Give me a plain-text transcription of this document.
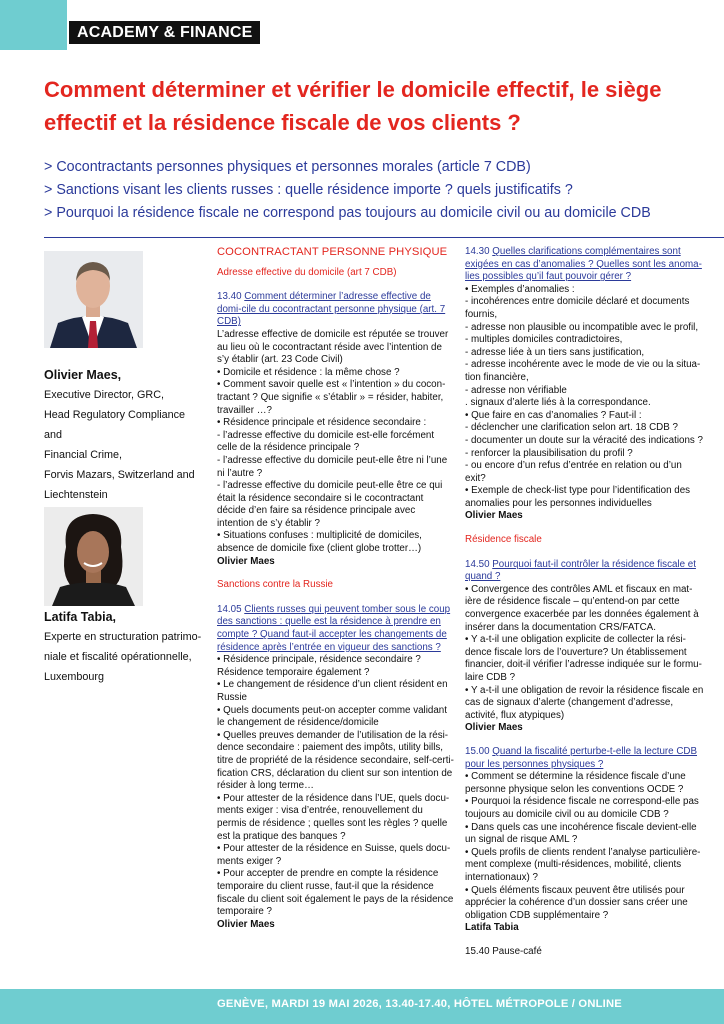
ACADEMY & FINANCE
Comment déterminer et vérifier le domicile effectif, le siège effectif et la résidence fiscale de vos clients ?
> Cocontractants personnes physiques et personnes morales (article 7 CDB)
> Sanctions visant les clients russes : quelle résidence importe ? quels justificatifs ?
> Pourquoi la résidence fiscale ne correspond pas toujours au domicile civil ou au domicile CDB
Olivier Maes,
Executive Director, GRC,
Head Regulatory Compliance and
Financial Crime,
Forvis Mazars, Switzerland and
Liechtenstein
Latifa Tabia,
Experte en structuration patrimo-
niale et fiscalité opérationnelle,
Luxembourg

COCONTRACTANT PERSONNE PHYSIQUE

Adresse effective du domicile (art 7 CDB)

13.40 Comment déterminer l’adresse effective de domi-cile du cocontractant personne physique (art. 7 CDB)

L’adresse effective de domicile est réputée se trouver au lieu où le cocontractant réside avec l’intention de s’y établir (art. 23 Code Civil)

• Domicile et résidence : la même chose ?

• Comment savoir quelle est « l’intention » du cocon-tractant ? Que signifie « s’établir » = résider, habiter, travailler …?

• Résidence principale et résidence secondaire :

- l’adresse effective du domicile est-elle forcément celle de la résidence principale ?

- l’adresse effective du domicile peut-elle être ni l’une ni l’autre ?

- l’adresse effective du domicile peut-elle être ce qui était la résidence secondaire si le cocontractant décide d’en faire sa résidence principale avec intention de s’y établir ?

• Situations confuses : multiplicité de domiciles, absence de domicile fixe (client globe trotter…)

Olivier Maes

Sanctions contre la Russie

14.05 Clients russes qui peuvent tomber sous le coup des sanctions : quelle est la résidence à prendre en compte ? Quand faut-il accepter les changements de résidence après l’entrée en vigueur des sanctions ?

• Résidence principale, résidence secondaire ? Résidence temporaire également ?

• Le changement de résidence d’un client résident en Russie

• Quels documents peut-on accepter comme validant le changement de résidence/domicile

• Quelles preuves demander de l’utilisation de la rési-dence secondaire : paiement des impôts, utility bills, titre de propriété de la résidence secondaire, self-certi-fication CRS, déclaration du client sur son intention de résider à long terme…

• Pour attester de la résidence dans l’UE, quels docu-ments exiger : visa d’entrée, renouvellement du permis de résidence ; quelles sont les règles ? quelle est la pratique des banques ?

• Pour attester de la résidence en Suisse, quels docu-ments exiger ?

• Pour accepter de prendre en compte la résidence temporaire du client russe, faut-il que la résidence fiscale du client soit également le pays de la résidence temporaire ?

Olivier Maes

14.30 Quelles clarifications complémentaires sont exigées en cas d’anomalies ? Quelles sont les anoma-lies possibles qu’il faut pouvoir gérer ?

• Exemples d’anomalies :

- incohérences entre domicile déclaré et documents fournis,

- adresse non plausible ou incompatible avec le profil,

- multiples domiciles contradictoires,

- adresse liée à un tiers sans justification,

- adresse incohérente avec le mode de vie ou la situa-tion financière,

- adresse non vérifiable

. signaux d’alerte liés à la correspondance.

• Que faire en cas d’anomalies ? Faut-il :

- déclencher une clarification selon art. 18 CDB ?

- documenter un doute sur la véracité des indications ?

- renforcer la plausibilisation du profil ?

- ou encore d’un refus d’entrée en relation ou d’un exit?

• Exemple de check-list type pour l’identification des anomalies pour les personnes individuelles

Olivier Maes

Résidence fiscale

14.50 Pourquoi faut-il contrôler la résidence fiscale et quand ?

• Convergence des contrôles AML et fiscaux en mat-ière de résidence fiscale – qu’entend-on par cette convergence exacerbée par les données également à insérer dans la documentation CRS/FATCA.

• Y a-t-il une obligation explicite de collecter la rési-dence fiscale lors de l’ouverture? Un établissement financier, doit-il vérifier l’adresse indiquée sur le formu-laire CDB ?

• Y a-t-il une obligation de revoir la résidence fiscale en cas de signaux d’alerte (changement d’adresse, activité, flux atypiques)

Olivier Maes

15.00 Quand la fiscalité perturbe-t-elle la lecture CDB pour les personnes physiques ?

• Comment se détermine la résidence fiscale d’une personne physique selon les conventions OCDE ?

• Pourquoi la résidence fiscale ne correspond-elle pas toujours au domicile civil ou au domicile CDB ?

• Dans quels cas une incohérence fiscale devient-elle un signal de risque AML ?

• Quels profils de clients rendent l’analyse particulière-ment complexe (multi-résidences, mobilité, clients internationaux) ?

• Quels éléments fiscaux peuvent être utilisés pour apprécier la cohérence d’un dossier sans créer une obligation CDB supplémentaire ?

Latifa Tabia

15.40 Pause-café

GENÈVE, MARDI 19 MAI 2026, 13.40-17.40, HÔTEL MÉTROPOLE / ONLINE
